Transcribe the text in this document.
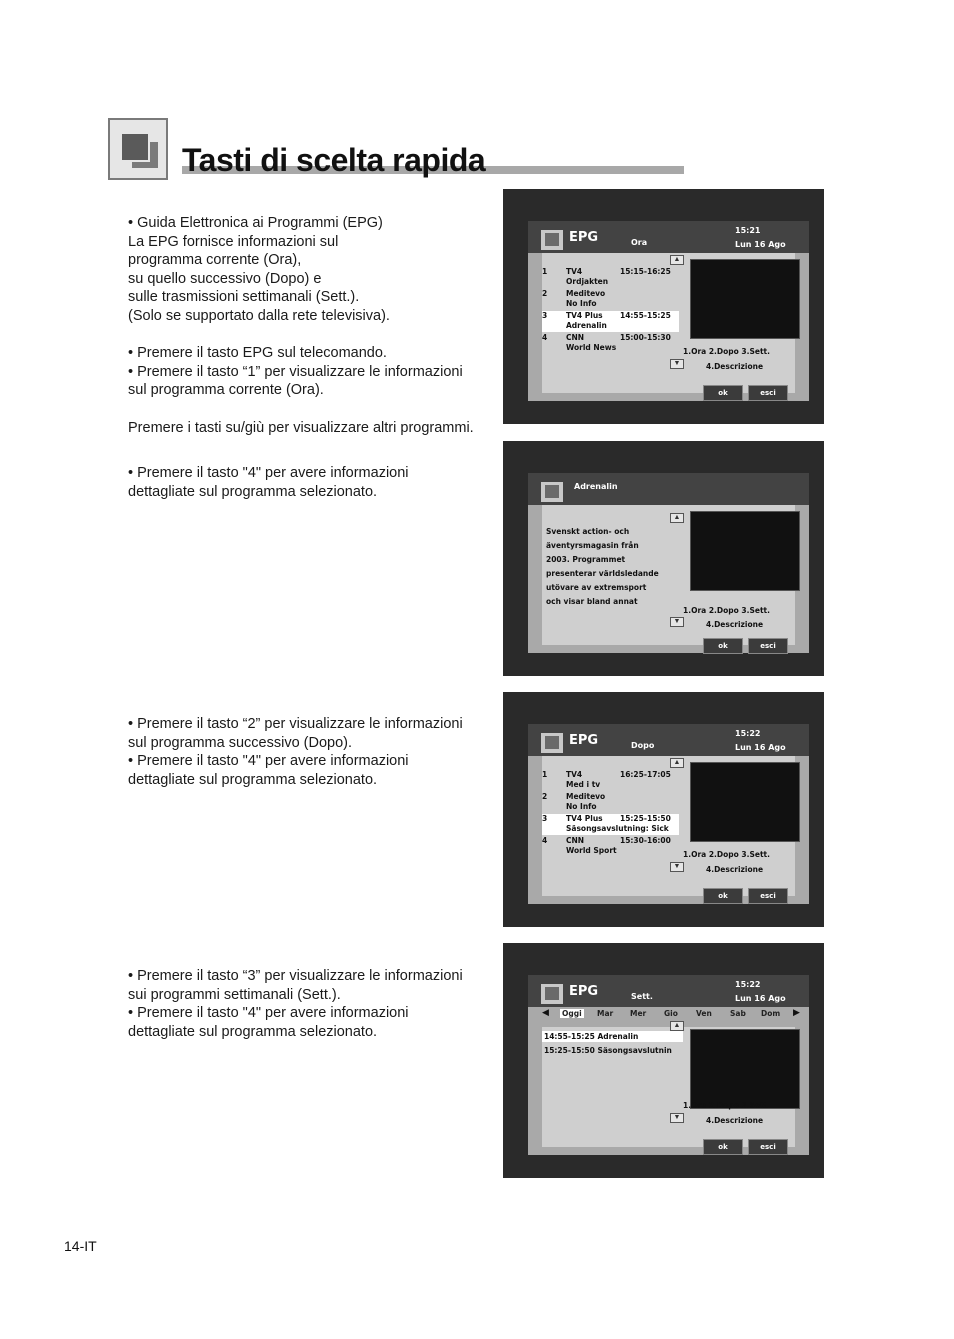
Tasti di scelta rapida

• Guida Elettronica ai Programmi (EPG)

La EPG fornisce informazioni sul

programma corrente (Ora),

su quello successivo (Dopo) e

sulle trasmissioni settimanali (Sett.).

(Solo se supportato dalla rete televisiva).

• Premere il tasto EPG sul telecomando.

• Premere il tasto “1” per visualizzare le informazioni

sul programma corrente (Ora).

Premere i tasti su/giù per visualizzare altri programmi.

• Premere il tasto "4" per avere informazioni

dettagliate sul programma selezionato.

• Premere il tasto “2” per visualizzare le informazioni

sul programma successivo (Dopo).

• Premere il tasto "4" per avere informazioni

dettagliate sul programma selezionato.

• Premere il tasto “3” per visualizzare le informazioni

sui programmi settimanali (Sett.).

• Premere il tasto "4" per avere informazioni

dettagliate sul programma selezionato.

EPG	Ora
15:21
Lun 16 Ago
▲
1	TV4	15:15-16:25
Ordjakten
2	Meditevo
No Info
3	TV4 Plus 14:55-15:25
Adrenalin
4	CNN	15:00-15:30
World News
▼
1.Ora 2.Dopo 3.Sett.
4.Descrizione
ok	esci
Adrenalin
▲
Svenskt action- och
äventyrsmagasin från
2003. Programmet
presenterar världsledande
utövare av extremsport
och visar bland annat
▼
1.Ora 2.Dopo 3.Sett.
4.Descrizione
ok	esci
EPG	Dopo
15:22
Lun 16 Ago
▲
1	TV4	16:25-17:05
Med i tv
2	Meditevo
No Info
3	TV4 Plus 15:25-15:50
Säsongsavslutning: Sick
4	CNN	15:30-16:00
World Sport
▼
1.Ora 2.Dopo 3.Sett.
4.Descrizione
ok	esci
EPG	Sett.
15:22
Lun 16 Ago
◀ Oggi Mar Mer Gio Ven Sab Dom ▶
▲
14:55-15:25 Adrenalin
15:25-15:50 Säsongsavslutnin
▼
1.Ora 2.Dopo 3.Sett.
4.Descrizione
ok	esci
14-IT
